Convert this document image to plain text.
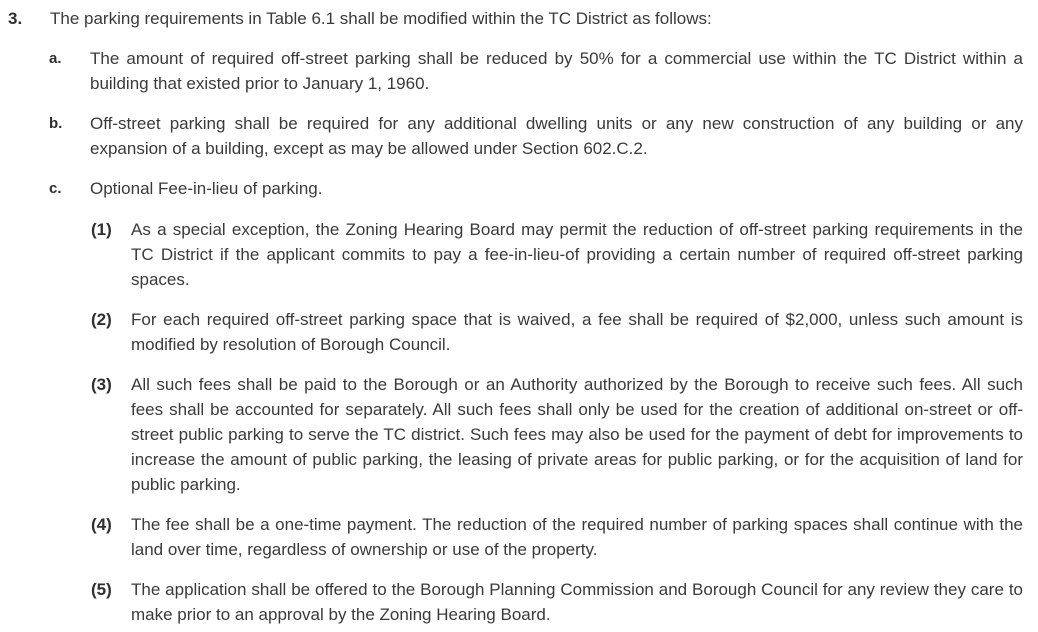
3.	The parking requirements in Table 6.1 shall be modified within the TC District as follows:
a.	The amount of required off-street parking shall be reduced by 50% for a commercial use within the TC District within a building that existed prior to January 1, 1960.
b.	Off-street parking shall be required for any additional dwelling units or any new construction of any building or any expansion of a building, except as may be allowed under Section 602.C.2.
c.	Optional Fee-in-lieu of parking.
(1)	As a special exception, the Zoning Hearing Board may permit the reduction of off-street parking requirements in the TC District if the applicant commits to pay a fee-in-lieu-of providing a certain number of required off-street parking spaces.
(2)	For each required off-street parking space that is waived, a fee shall be required of $2,000, unless such amount is modified by resolution of Borough Council.
(3)	All such fees shall be paid to the Borough or an Authority authorized by the Borough to receive such fees. All such fees shall be accounted for separately. All such fees shall only be used for the creation of additional on-street or off-street public parking to serve the TC district. Such fees may also be used for the payment of debt for improvements to increase the amount of public parking, the leasing of private areas for public parking, or for the acquisition of land for public parking.
(4)	The fee shall be a one-time payment. The reduction of the required number of parking spaces shall continue with the land over time, regardless of ownership or use of the property.
(5)	The application shall be offered to the Borough Planning Commission and Borough Council for any review they care to make prior to an approval by the Zoning Hearing Board.
